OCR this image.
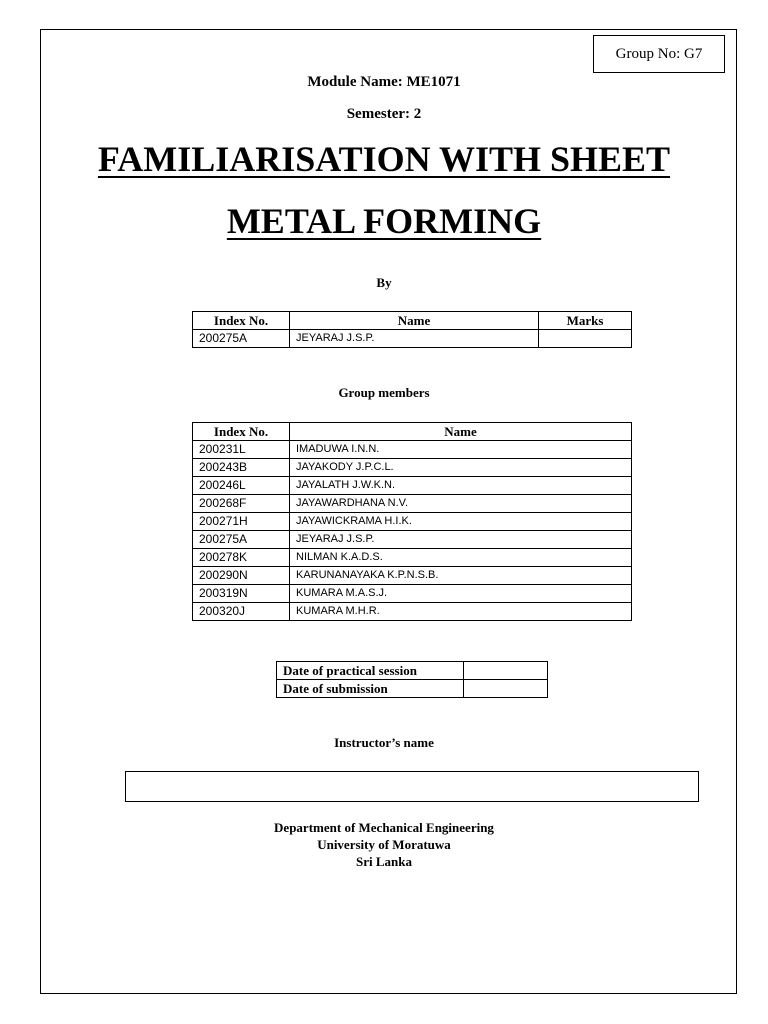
Group No: G7
Module Name: ME1071
Semester: 2
FAMILIARISATION WITH SHEET
METAL FORMING
By
Index No.	Name	Marks
200275A	JEYARAJ J.S.P.	
Group members
Index No.	Name
200231L	IMADUWA I.N.N.
200243B	JAYAKODY J.P.C.L.
200246L	JAYALATH J.W.K.N.
200268F	JAYAWARDHANA N.V.
200271H	JAYAWICKRAMA H.I.K.
200275A	JEYARAJ J.S.P.
200278K	NILMAN K.A.D.S.
200290N	KARUNANAYAKA K.P.N.S.B.
200319N	KUMARA M.A.S.J.
200320J	KUMARA M.H.R.
Date of practical session	
Date of submission	
Instructor’s name
Department of Mechanical Engineering
University of Moratuwa
Sri Lanka
